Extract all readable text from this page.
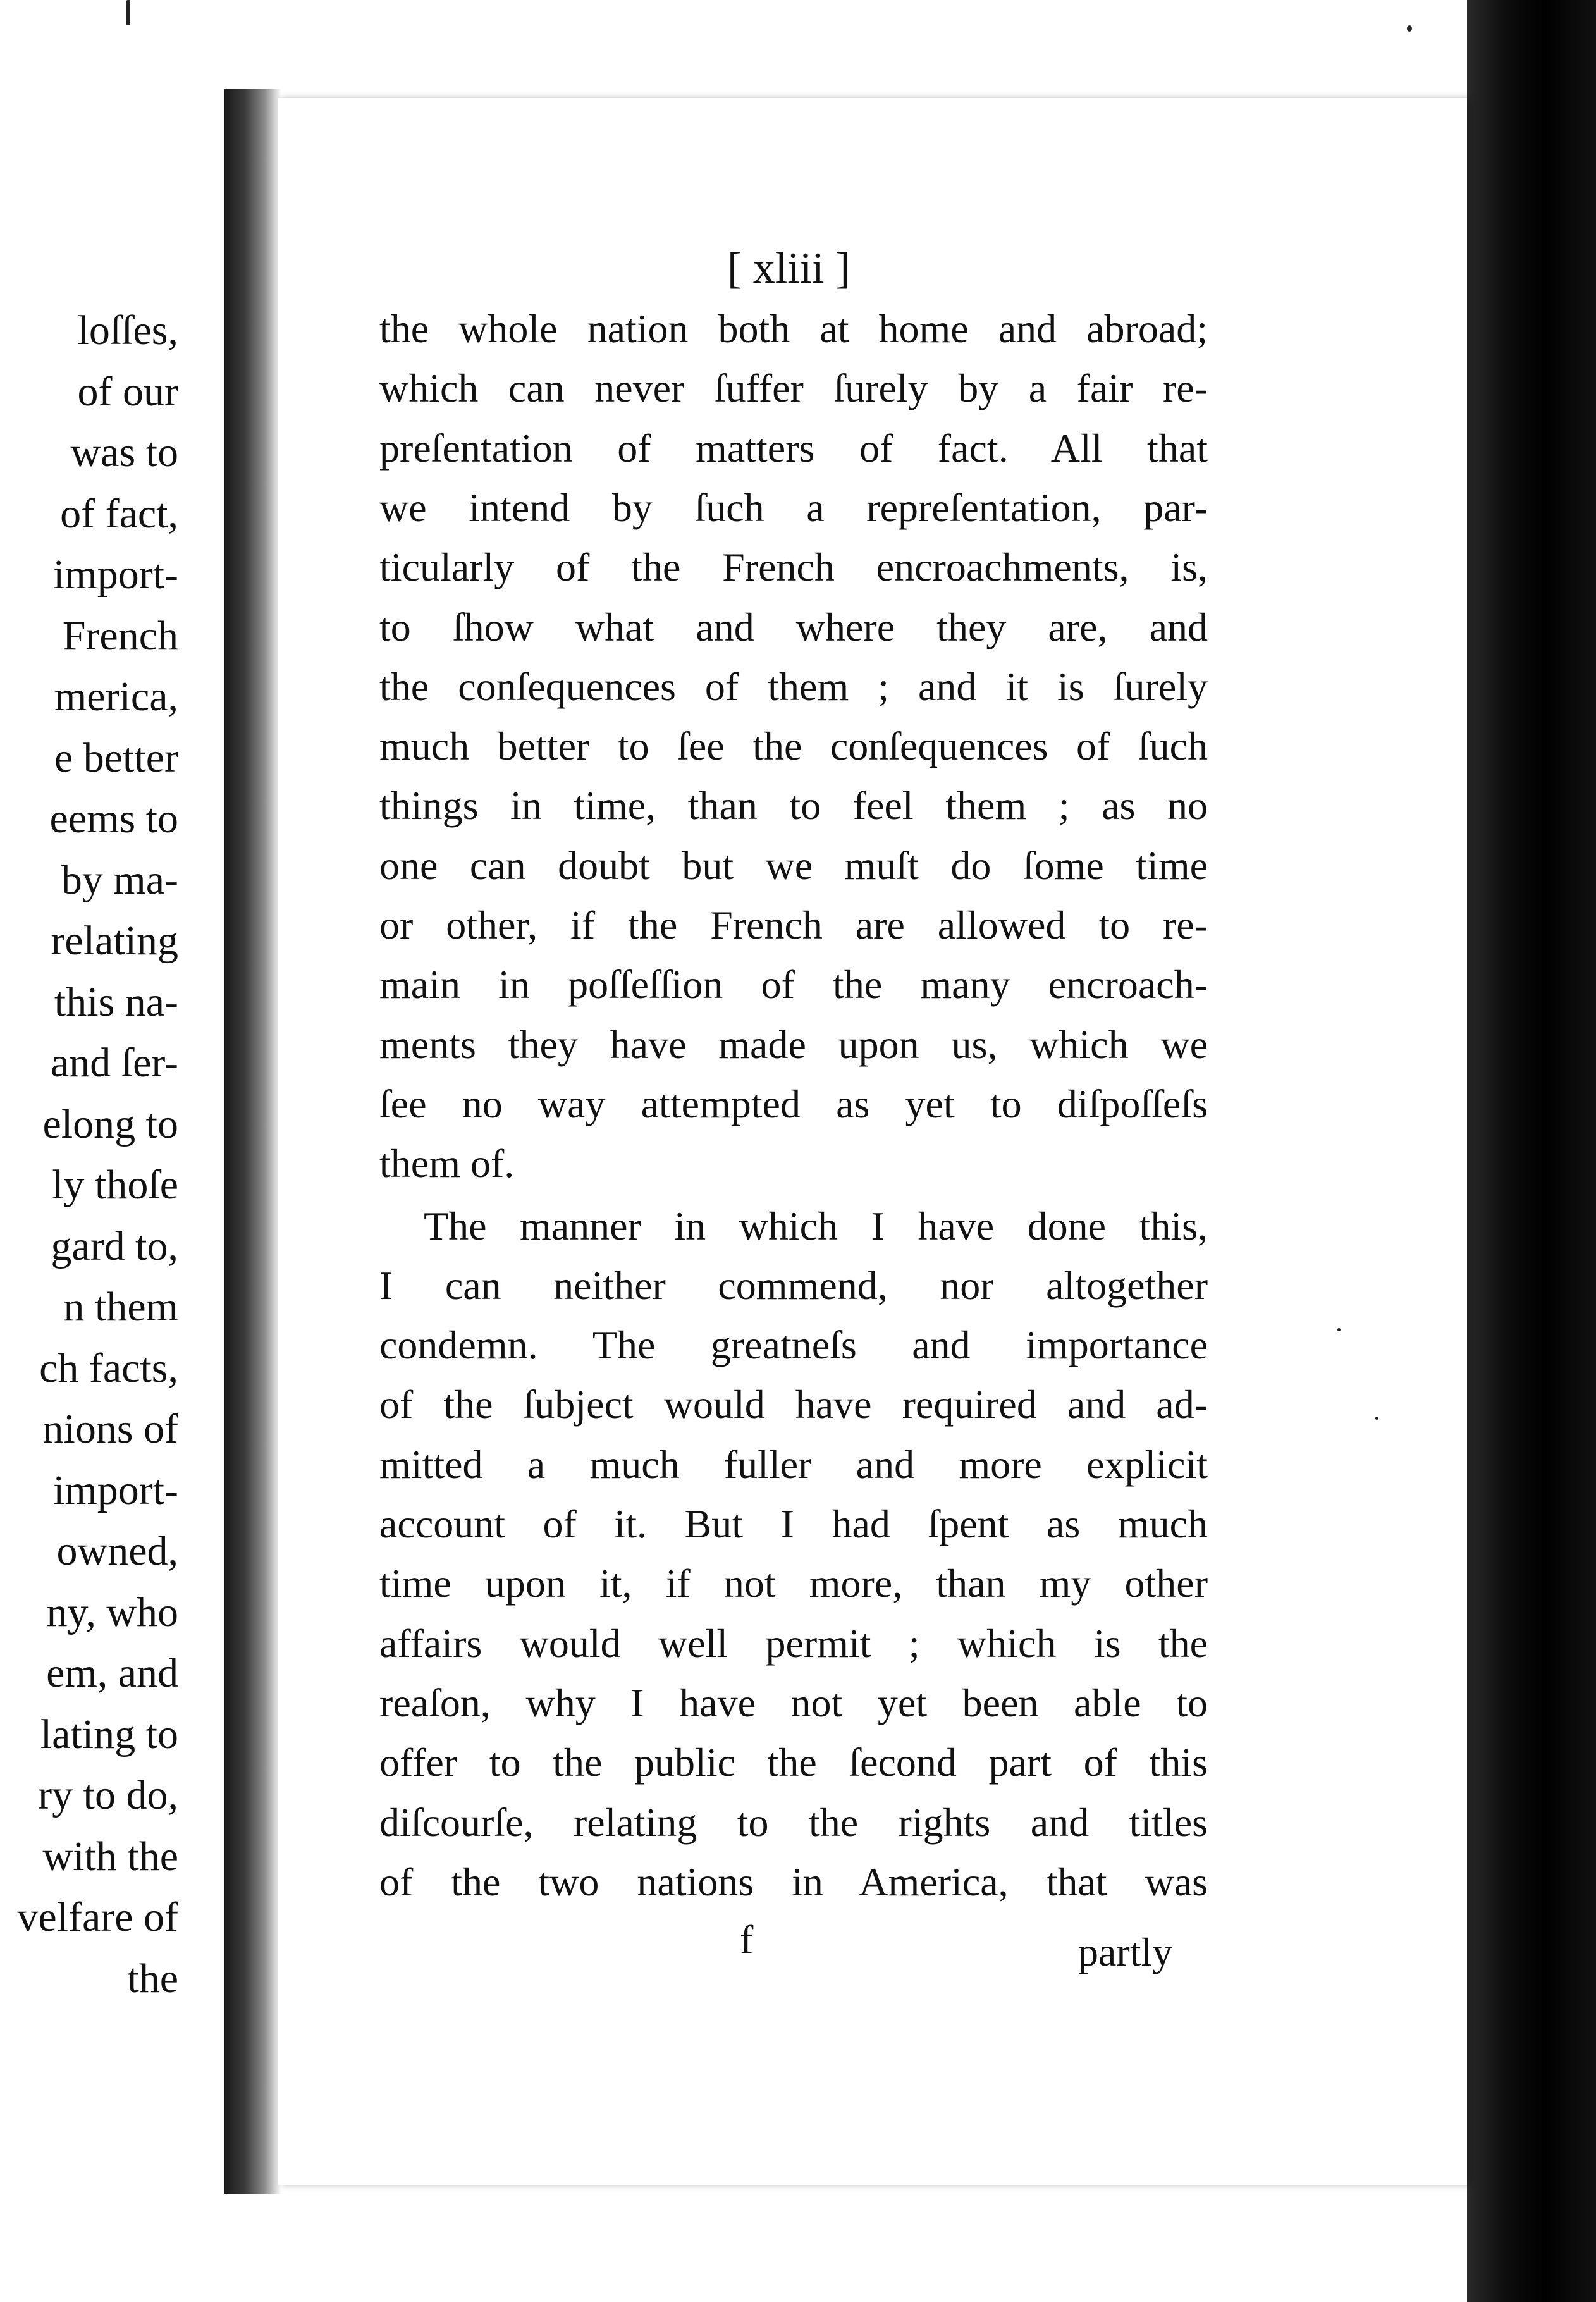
loſſes,
of our
was to
of fact,
import-
French
merica,
e better
eems to
by ma-
relating
this na-
and ſer-
elong to
ly thoſe
gard to,
n them
ch facts,
nions of
import-
owned,
ny, who
em, and
lating to
ry to do,
with the
velfare of
the
[ xliii ]
the whole nation both at home and abroad;
which can never ſuffer ſurely by a fair re-
preſentation of matters of fact. All that
we intend by ſuch a repreſentation, par-
ticularly of the French encroachments, is,
to ſhow what and where they are, and
the conſequences of them ; and it is ſurely
much better to ſee the conſequences of ſuch
things in time, than to feel them ; as no
one can doubt but we muſt do ſome time
or other, if the French are allowed to re-
main in poſſeſſion of the many encroach-
ments they have made upon us, which we
ſee no way attempted as yet to diſpoſſeſs
them of.
The manner in which I have done this,
I can neither commend, nor altogether
condemn. The greatneſs and importance
of the ſubject would have required and ad-
mitted a much fuller and more explicit
account of it. But I had ſpent as much
time upon it, if not more, than my other
affairs would well permit ; which is the
reaſon, why I have not yet been able to
offer to the public the ſecond part of this
diſcourſe, relating to the rights and titles
of the two nations in America, that was
f	partly
